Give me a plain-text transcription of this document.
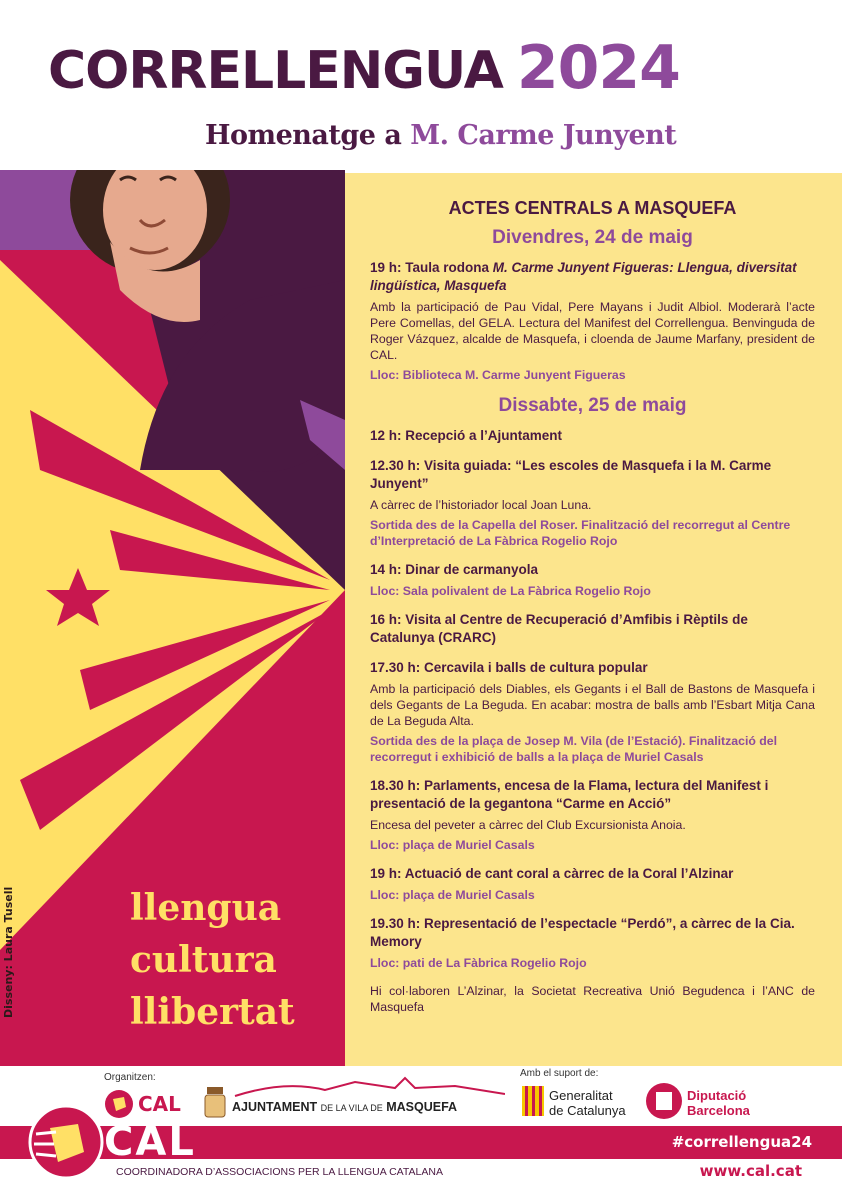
CORRELLENGUA 2024
Homenatge a M. Carme Junyent
llengua
cultura
llibertat
Disseny: Laura Tusell
ACTES CENTRALS A MASQUEFA
Divendres, 24 de maig
19 h: Taula rodona M. Carme Junyent Figueras: Llengua, diversitat lingüística, Masquefa
Amb la participació de Pau Vidal, Pere Mayans i Judit Albiol. Moderarà l’acte Pere Comellas, del GELA. Lectura del Manifest del Correllengua. Benvinguda de Roger Vázquez, alcalde de Masquefa, i cloenda de Jaume Marfany, president de CAL.
Lloc: Biblioteca M. Carme Junyent Figueras
Dissabte, 25 de maig
12 h: Recepció a l’Ajuntament
12.30 h: Visita guiada: “Les escoles de Masquefa i la M. Carme Junyent”
A càrrec de l’historiador local Joan Luna.
Sortida des de la Capella del Roser. Finalització del recorregut al Centre d’Interpretació de La Fàbrica Rogelio Rojo
14 h: Dinar de carmanyola
Lloc: Sala polivalent de La Fàbrica Rogelio Rojo
16 h: Visita al Centre de Recuperació d’Amfibis i Rèptils de Catalunya (CRARC)
17.30 h: Cercavila i balls de cultura popular
Amb la participació dels Diables, els Gegants i el Ball de Bastons de Masquefa i dels Gegants de La Beguda. En acabar: mostra de balls amb l’Esbart Mitja Cana de La Beguda Alta.
Sortida des de la plaça de Josep M. Vila (de l’Estació). Finalització del recorregut i exhibició de balls a la plaça de Muriel Casals
18.30 h: Parlaments, encesa de la Flama, lectura del Manifest i presentació de la gegantona “Carme en Acció”
Encesa del peveter a càrrec del Club Excursionista Anoia.
Lloc: plaça de Muriel Casals
19 h: Actuació de cant coral a càrrec de la Coral l’Alzinar
Lloc: plaça de Muriel Casals
19.30 h: Representació de l’espectacle “Perdó”, a càrrec de la Cia. Memory
Lloc: pati de La Fàbrica Rogelio Rojo
Hi col·laboren L’Alzinar, la Societat Recreativa Unió Begudenca i l’ANC de Masquefa
Organitzen:	Amb el suport de:
CAL	AJUNTAMENT DE LA VILA DE MASQUEFA
Generalitat
de Catalunya
Diputació
Barcelona
CAL
COORDINADORA D’ASSOCIACIONS PER LA LLENGUA CATALANA
#correllengua24
www.cal.cat
